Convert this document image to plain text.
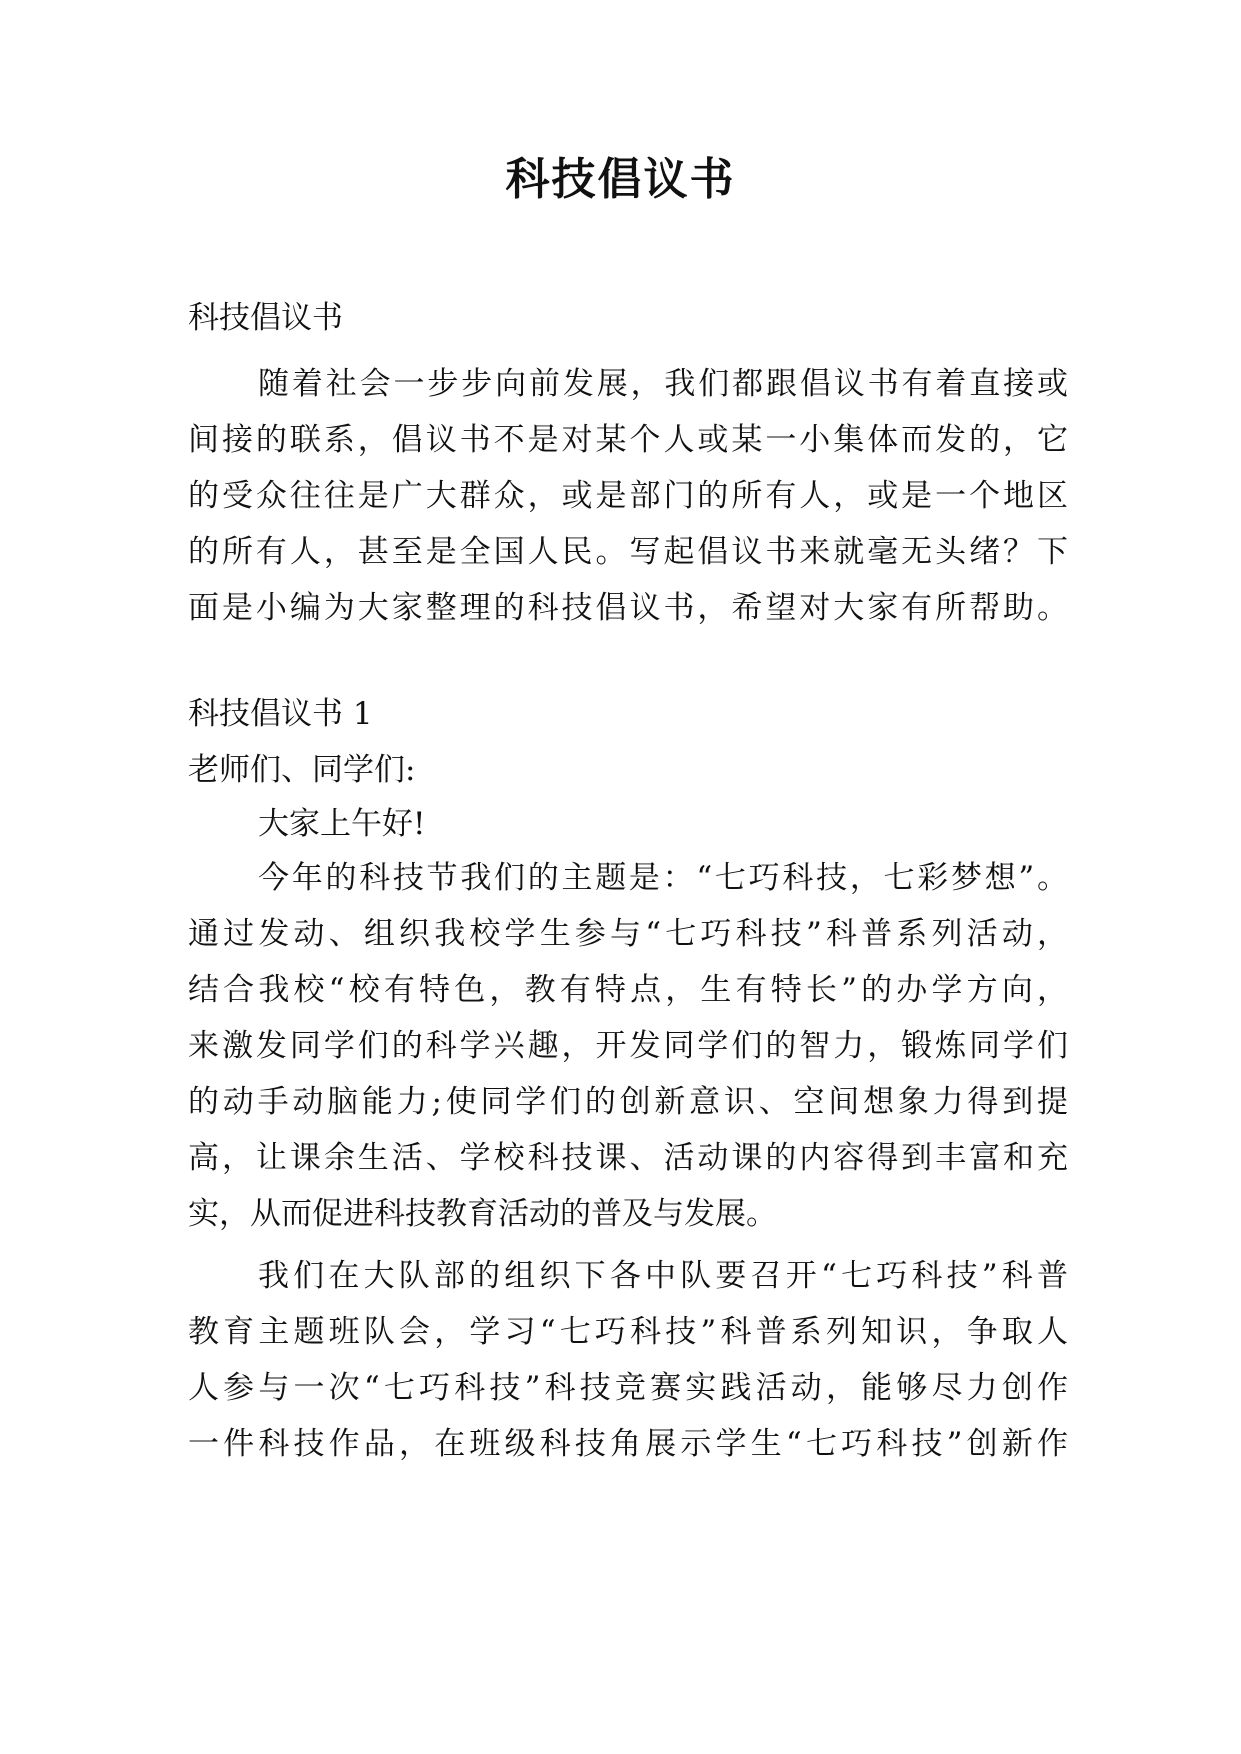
科技倡议书
科技倡议书
随着社会一步步向前发展，我们都跟倡议书有着直接或
间接的联系，倡议书不是对某个人或某一小集体而发的，它
的受众往往是广大群众，或是部门的所有人，或是一个地区
的所有人，甚至是全国人民。写起倡议书来就毫无头绪？下
面是小编为大家整理的科技倡议书，希望对大家有所帮助。
科技倡议书 1
老师们、同学们:
大家上午好!
今年的科技节我们的主题是：“七巧科技，七彩梦想”。
通过发动、组织我校学生参与“七巧科技”科普系列活动，
结合我校“校有特色，教有特点，生有特长”的办学方向，
来激发同学们的科学兴趣，开发同学们的智力，锻炼同学们
的动手动脑能力;使同学们的创新意识、空间想象力得到提
高，让课余生活、学校科技课、活动课的内容得到丰富和充
实，从而促进科技教育活动的普及与发展。
我们在大队部的组织下各中队要召开“七巧科技”科普
教育主题班队会，学习“七巧科技”科普系列知识，争取人
人参与一次“七巧科技”科技竞赛实践活动，能够尽力创作
一件科技作品，在班级科技角展示学生“七巧科技”创新作
